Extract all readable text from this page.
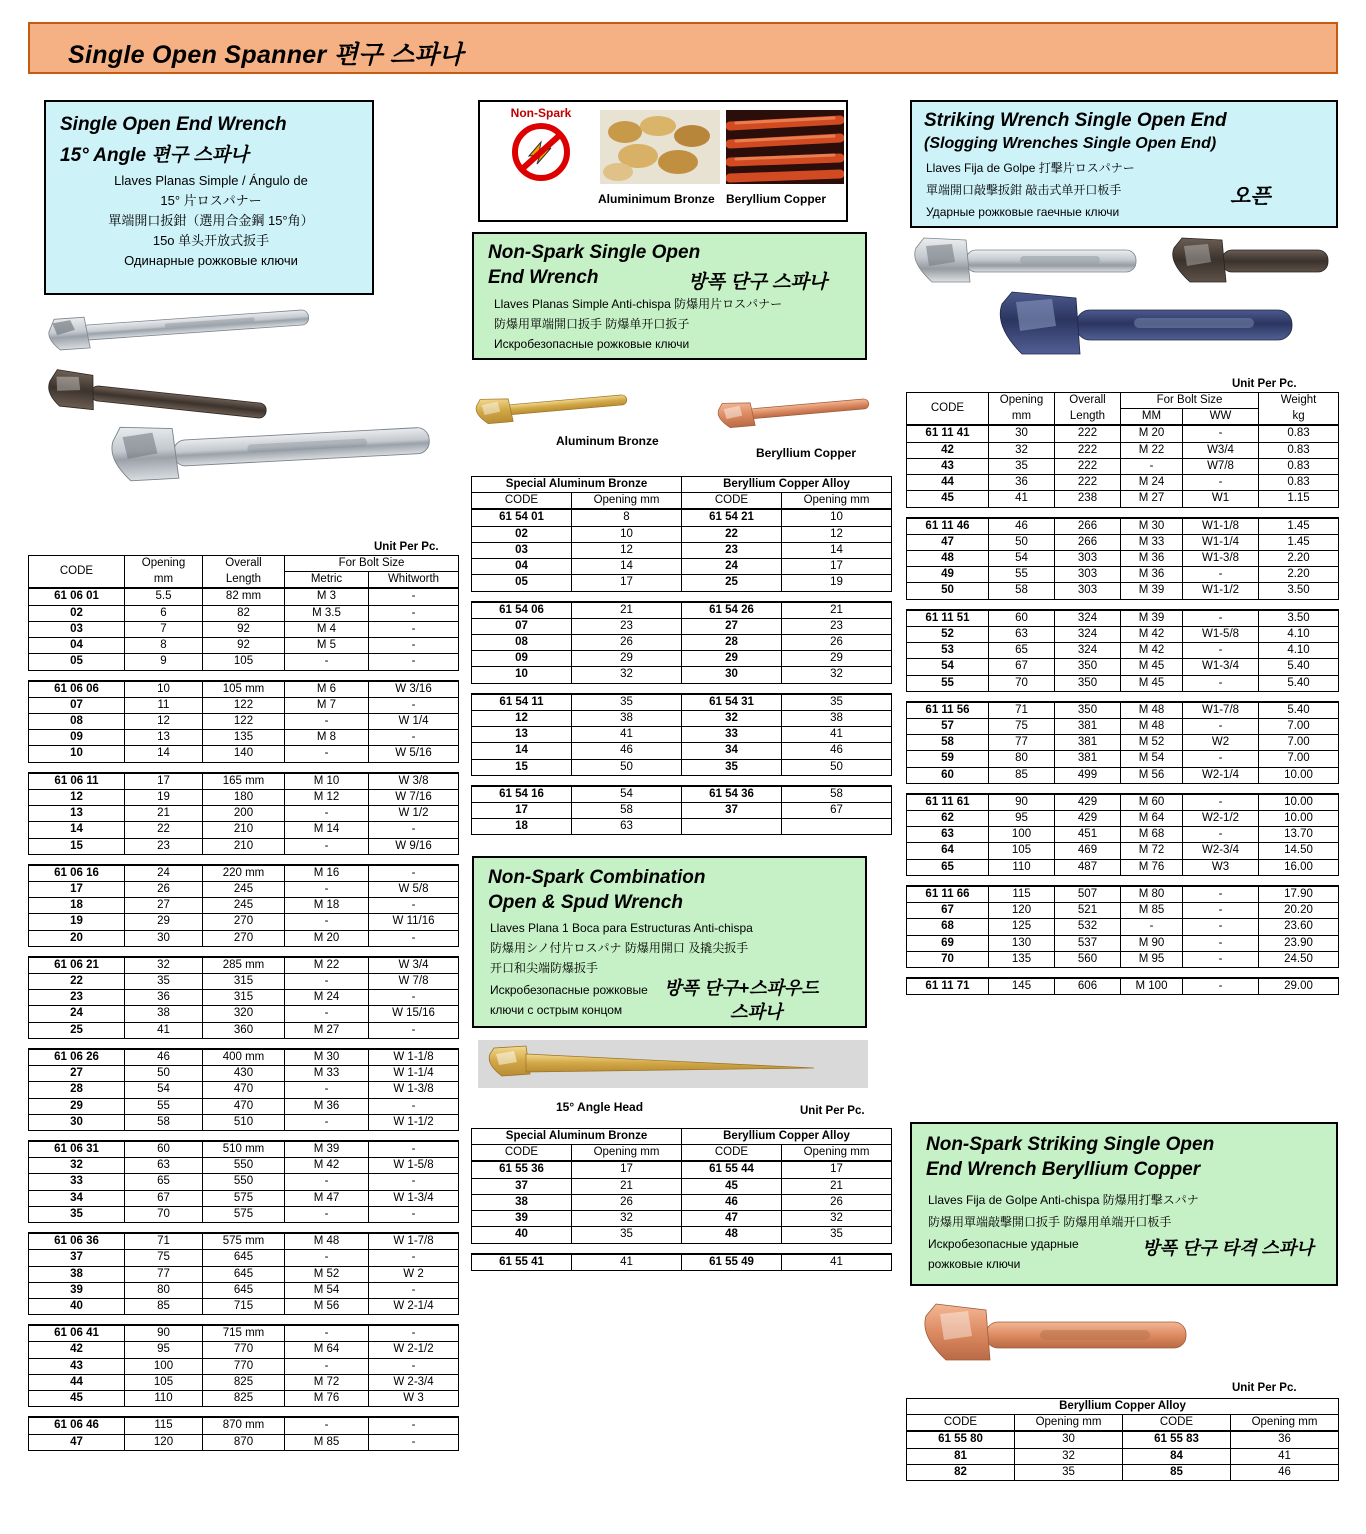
Single Open Spanner 편구 스파나
Single Open End Wrench
15° Angle 편구 스파나
Llaves Planas Simple / Ángulo de
15° 片ロスパナー
單端開口扳鉗（選用合金鋼 15°角）
15o 单头开放式扳手
Одинарные рожковые ключи
Unit Per Pc.
CODE	Opening	Overall	For Bolt Size	
	mm	Length	Metric	Whitworth
61 06 01	5.5	82 mm	M 3	-
02	6	82	M 3.5	-
03	7	92	M 4	-
04	8	92	M 5	-
05	9	105	-	-

61 06 06	10	105 mm	M 6	W 3/16
07	11	122	M 7	-
08	12	122	-	W 1/4
09	13	135	M 8	-
10	14	140	-	W 5/16

61 06 11	17	165 mm	M 10	W 3/8
12	19	180	M 12	W 7/16
13	21	200	-	W 1/2
14	22	210	M 14	-
15	23	210	-	W 9/16

61 06 16	24	220 mm	M 16	-
17	26	245	-	W 5/8
18	27	245	M 18	-
19	29	270	-	W 11/16
20	30	270	M 20	-

61 06 21	32	285 mm	M 22	W 3/4
22	35	315	-	W 7/8
23	36	315	M 24	-
24	38	320	-	W 15/16
25	41	360	M 27	-

61 06 26	46	400 mm	M 30	W 1-1/8
27	50	430	M 33	W 1-1/4
28	54	470	-	W 1-3/8
29	55	470	M 36	-
30	58	510	-	W 1-1/2

61 06 31	60	510 mm	M 39	-
32	63	550	M 42	W 1-5/8
33	65	550	-	-
34	67	575	M 47	W 1-3/4
35	70	575	-	-

61 06 36	71	575 mm	M 48	W 1-7/8
37	75	645	-	-
38	77	645	M 52	W 2
39	80	645	M 54	-
40	85	715	M 56	W 2-1/4

61 06 41	90	715 mm	-	-
42	95	770	M 64	W 2-1/2
43	100	770	-	-
44	105	825	M 72	W 2-3/4
45	110	825	M 76	W 3

61 06 46	115	870 mm	-	-
47	120	870	M 85	-
Non-Spark
Aluminimum Bronze Beryllium Copper
Non-Spark Single Open
End Wrench	방폭 단구 스파나
Llaves Planas Simple Anti-chispa 防爆用片ロスパナー
防爆用單端開口扳手 防爆单开口扳子
Искробезопасные рожковые ключи
Aluminum Bronze
Beryllium Copper
Special Aluminum Bronze		Beryllium Copper Alloy	
CODE	Opening mm	CODE	Opening mm
61 54 01	8	61 54 21	10
02	10	22	12
03	12	23	14
04	14	24	17
05	17	25	19

61 54 06	21	61 54 26	21
07	23	27	23
08	26	28	26
09	29	29	29
10	32	30	32

61 54 11	35	61 54 31	35
12	38	32	38
13	41	33	41
14	46	34	46
15	50	35	50

61 54 16	54	61 54 36	58
17	58	37	67
18	63		
Non-Spark Combination
Open & Spud Wrench
Llaves Plana 1 Boca para Estructuras Anti-chispa
防爆用シノ付片ロスパナ 防爆用開口 及撬尖扳手
开口和尖端防爆扳手
Искробезопасные рожковые
ключи с острым концом
방폭 단구+스파우드
스파나
15° Angle Head	Unit Per Pc.
Special Aluminum Bronze		Beryllium Copper Alloy	
CODE	Opening mm	CODE	Opening mm
61 55 36	17	61 55 44	17
37	21	45	21
38	26	46	26
39	32	47	32
40	35	48	35

61 55 41	41	61 55 49	41
Striking Wrench Single Open End
(Slogging Wrenches Single Open End)
Llaves Fija de Golpe 打擊片ロスパナー
單端開口敲擊扳鉗 敲击式单开口板手
Ударные рожковые гаечные ключи
오픈
Unit Per Pc.
CODE	Opening	Overall	For Bolt Size		Weight
	mm	Length	MM	WW	kg
61 11 41	30	222	M 20	-	0.83
42	32	222	M 22	W3/4	0.83
43	35	222	-	W7/8	0.83
44	36	222	M 24	-	0.83
45	41	238	M 27	W1	1.15

61 11 46	46	266	M 30	W1-1/8	1.45
47	50	266	M 33	W1-1/4	1.45
48	54	303	M 36	W1-3/8	2.20
49	55	303	M 36	-	2.20
50	58	303	M 39	W1-1/2	3.50

61 11 51	60	324	M 39	-	3.50
52	63	324	M 42	W1-5/8	4.10
53	65	324	M 42	-	4.10
54	67	350	M 45	W1-3/4	5.40
55	70	350	M 45	-	5.40

61 11 56	71	350	M 48	W1-7/8	5.40
57	75	381	M 48	-	7.00
58	77	381	M 52	W2	7.00
59	80	381	M 54	-	7.00
60	85	499	M 56	W2-1/4	10.00

61 11 61	90	429	M 60	-	10.00
62	95	429	M 64	W2-1/2	10.00
63	100	451	M 68	-	13.70
64	105	469	M 72	W2-3/4	14.50
65	110	487	M 76	W3	16.00

61 11 66	115	507	M 80	-	17.90
67	120	521	M 85	-	20.20
68	125	532	-	-	23.60
69	130	537	M 90	-	23.90
70	135	560	M 95	-	24.50

61 11 71	145	606	M 100	-	29.00
Non-Spark Striking Single Open
End Wrench Beryllium Copper
Llaves Fija de Golpe Anti-chispa 防爆用打擊スパナ
防爆用單端敲擊開口扳手 防爆用单端开口板手
Искробезопасные ударные
рожковые ключи
방폭 단구 타격 스파나
Unit Per Pc.
Beryllium Copper Alloy			
CODE	Opening mm	CODE	Opening mm
61 55 80	30	61 55 83	36
81	32	84	41
82	35	85	46
